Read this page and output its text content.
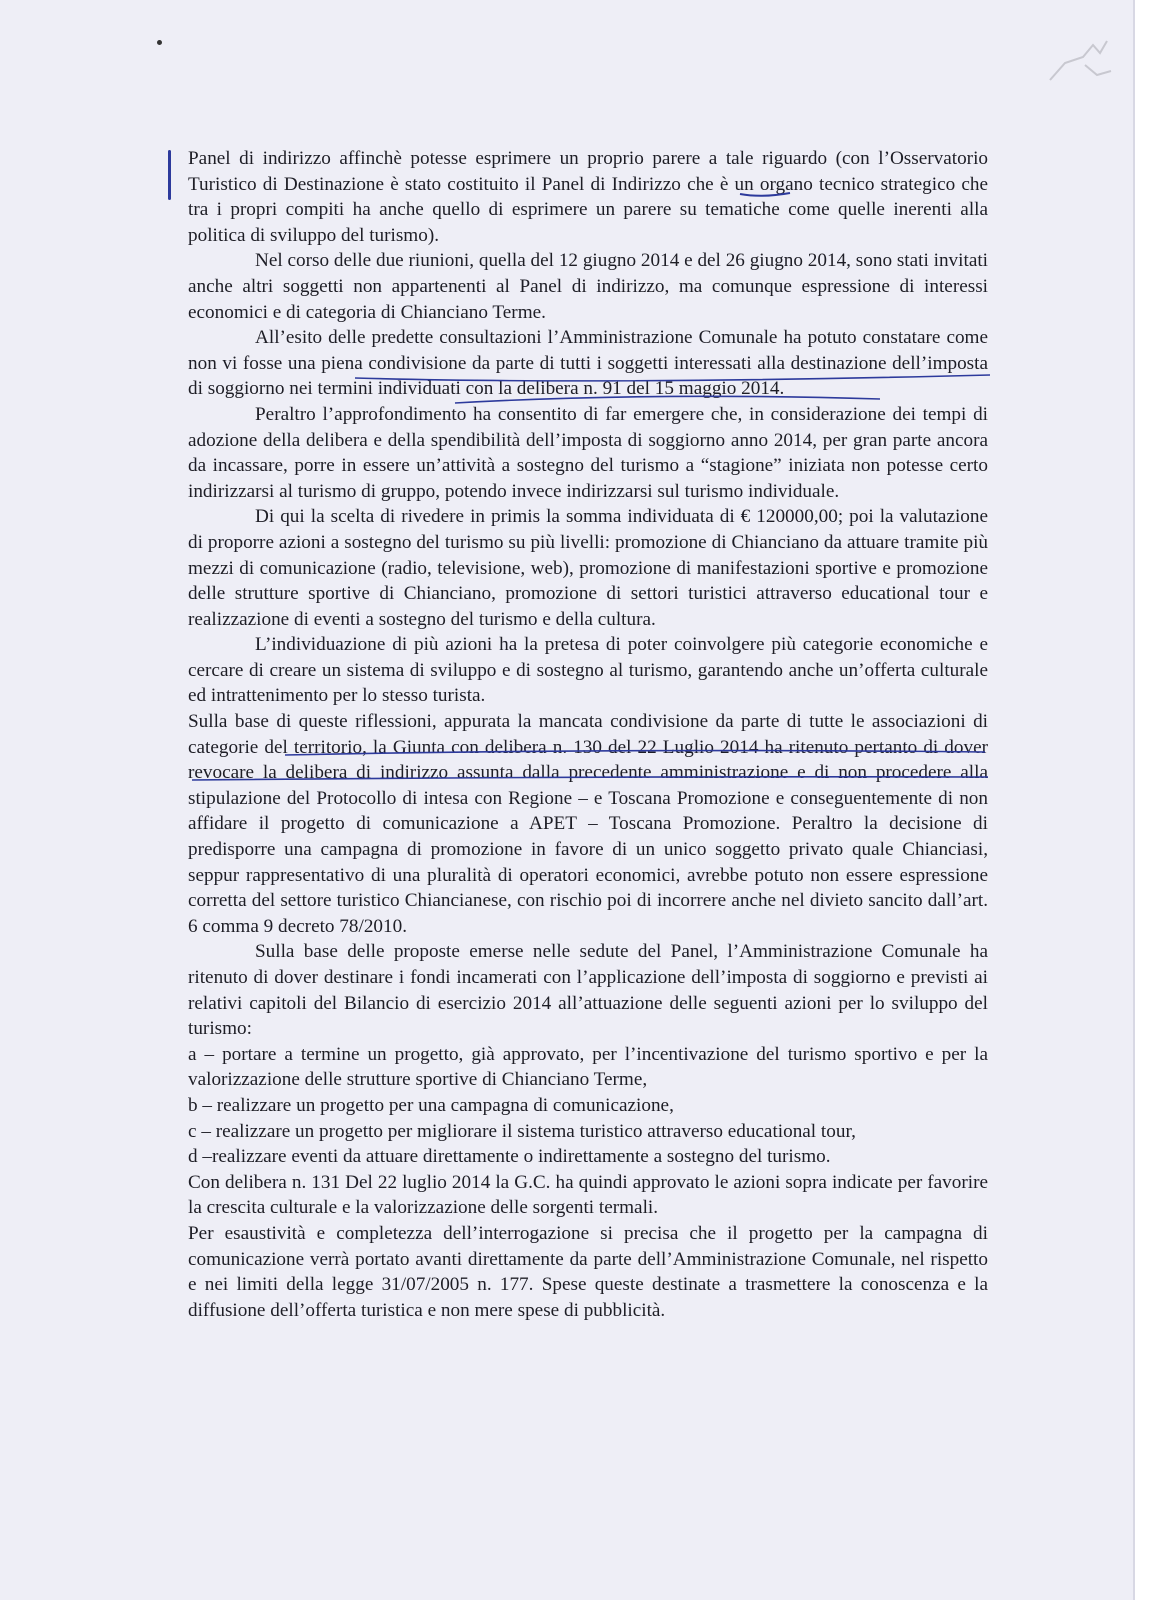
Panel di indirizzo affinchè potesse esprimere un proprio parere a tale riguardo (con l’Osservatorio Turistico di Destinazione è stato costituito il Panel di Indirizzo che è un organo tecnico strategico che tra i propri compiti ha anche quello di esprimere un parere su tematiche come quelle inerenti alla politica di sviluppo del turismo).

Nel corso delle due riunioni, quella del 12 giugno 2014 e del 26 giugno 2014, sono stati invitati anche altri soggetti non appartenenti al Panel di indirizzo, ma comunque espressione di interessi economici e di categoria di Chianciano Terme.

All’esito delle predette consultazioni l’Amministrazione Comunale ha potuto constatare come non vi fosse una piena condivisione da parte di tutti i soggetti interessati alla destinazione dell’imposta di soggiorno nei termini individuati con la delibera n. 91 del 15 maggio 2014.

Peraltro l’approfondimento ha consentito di far emergere che, in considerazione dei tempi di adozione della delibera e della spendibilità dell’imposta di soggiorno anno 2014, per gran parte ancora da incassare, porre in essere un’attività a sostegno del turismo a “stagione” iniziata non potesse certo indirizzarsi al turismo di gruppo, potendo invece indirizzarsi sul turismo individuale.

Di qui la scelta di rivedere in primis la somma individuata di € 120000,00; poi la valutazione di proporre azioni a sostegno del turismo su più livelli: promozione di Chianciano da attuare tramite più mezzi di comunicazione (radio, televisione, web), promozione di manifestazioni sportive e promozione delle strutture sportive di Chianciano, promozione di settori turistici attraverso educational tour e realizzazione di eventi a sostegno del turismo e della cultura.

L’individuazione di più azioni ha la pretesa di poter coinvolgere più categorie economiche e cercare di creare un sistema di sviluppo e di sostegno al turismo, garantendo anche un’offerta culturale ed intrattenimento per lo stesso turista.

Sulla base di queste riflessioni, appurata la mancata condivisione da parte di tutte le associazioni di categorie del territorio, la Giunta con delibera n. 130 del 22 Luglio 2014 ha ritenuto pertanto di dover revocare la delibera di indirizzo assunta dalla precedente amministrazione e di non procedere alla stipulazione del Protocollo di intesa con Regione – e Toscana Promozione e conseguentemente di non affidare il progetto di comunicazione a APET – Toscana Promozione. Peraltro la decisione di predisporre una campagna di promozione in favore di un unico soggetto privato quale Chianciasi, seppur rappresentativo di una pluralità di operatori economici, avrebbe potuto non essere espressione corretta del settore turistico Chiancianese, con rischio poi di incorrere anche nel divieto sancito dall’art. 6 comma 9 decreto 78/2010.

Sulla base delle proposte emerse nelle sedute del Panel, l’Amministrazione Comunale ha ritenuto di dover destinare i fondi incamerati con l’applicazione dell’imposta di soggiorno e previsti ai relativi capitoli del Bilancio di esercizio 2014 all’attuazione delle seguenti azioni per lo sviluppo del turismo:

a – portare a termine un progetto, già approvato, per l’incentivazione del turismo sportivo e per la valorizzazione delle strutture sportive di Chianciano Terme,

b – realizzare un progetto per una campagna di comunicazione,

c – realizzare un progetto per migliorare il sistema turistico attraverso educational tour,

d –realizzare eventi da attuare direttamente o indirettamente a sostegno del turismo.

Con delibera n. 131 Del 22 luglio 2014 la G.C. ha quindi approvato le azioni sopra indicate per favorire la crescita culturale e la valorizzazione delle sorgenti termali.

Per esaustività e completezza dell’interrogazione si precisa che il progetto per la campagna di comunicazione verrà portato avanti direttamente da parte dell’Amministrazione Comunale, nel rispetto e nei limiti della legge 31/07/2005 n. 177. Spese queste destinate a trasmettere la conoscenza e la diffusione dell’offerta turistica e non mere spese di pubblicità.
